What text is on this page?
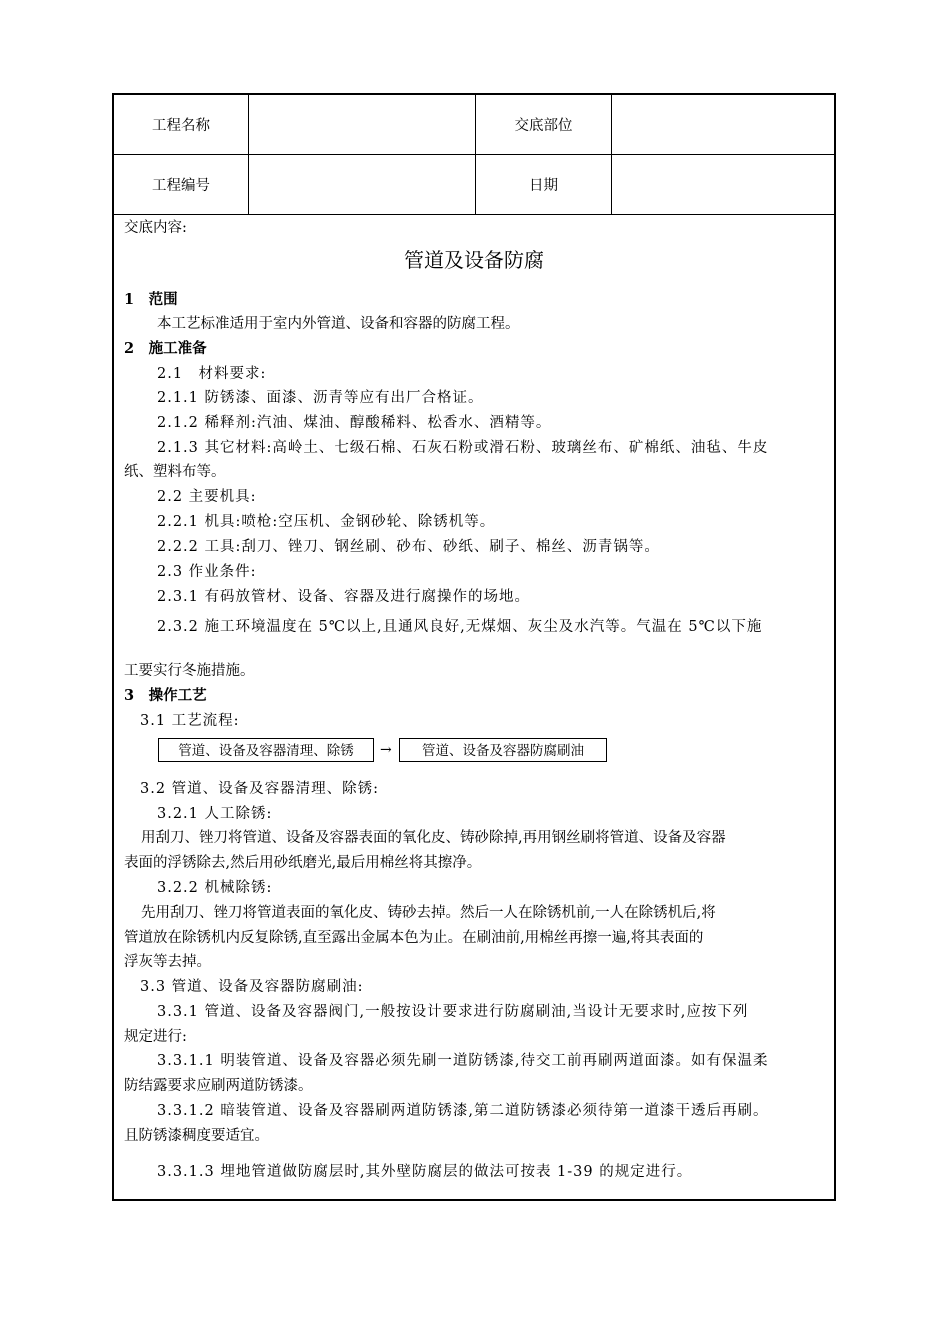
工程名称	交底部位
工程编号	日期
交底内容:
管道及设备防腐
1　范围
本工艺标准适用于室内外管道、设备和容器的防腐工程。
2　施工准备
2.1　材料要求:
2.1.1 防锈漆、面漆、沥青等应有出厂合格证。
2.1.2 稀释剂:汽油、煤油、醇酸稀料、松香水、酒精等。
2.1.3 其它材料:高岭土、七级石棉、石灰石粉或滑石粉、玻璃丝布、矿棉纸、油毡、牛皮
纸、塑料布等。
2.2 主要机具:
2.2.1 机具:喷枪:空压机、金钢砂轮、除锈机等。
2.2.2 工具:刮刀、锉刀、钢丝刷、砂布、砂纸、刷子、棉丝、沥青锅等。
2.3 作业条件:
2.3.1 有码放管材、设备、容器及进行腐操作的场地。
2.3.2 施工环境温度在 5℃以上,且通风良好,无煤烟、灰尘及水汽等。气温在 5℃以下施
工要实行冬施措施。
3　操作工艺
3.1 工艺流程:
管道、设备及容器清理、除锈	→	管道、设备及容器防腐刷油
3.2 管道、设备及容器清理、除锈:
3.2.1 人工除锈:
用刮刀、锉刀将管道、设备及容器表面的氧化皮、铸砂除掉,再用钢丝刷将管道、设备及容器
表面的浮锈除去,然后用砂纸磨光,最后用棉丝将其擦净。
3.2.2 机械除锈:
先用刮刀、锉刀将管道表面的氧化皮、铸砂去掉。然后一人在除锈机前,一人在除锈机后,将
管道放在除锈机内反复除锈,直至露出金属本色为止。在刷油前,用棉丝再擦一遍,将其表面的
浮灰等去掉。
3.3 管道、设备及容器防腐刷油:
3.3.1 管道、设备及容器阀门,一般按设计要求进行防腐刷油,当设计无要求时,应按下列
规定进行:
3.3.1.1 明装管道、设备及容器必须先刷一道防锈漆,待交工前再刷两道面漆。如有保温柔
防结露要求应刷两道防锈漆。
3.3.1.2 暗装管道、设备及容器刷两道防锈漆,第二道防锈漆必须待第一道漆干透后再刷。
且防锈漆稠度要适宜。
3.3.1.3 埋地管道做防腐层时,其外壁防腐层的做法可按表 1-39 的规定进行。
